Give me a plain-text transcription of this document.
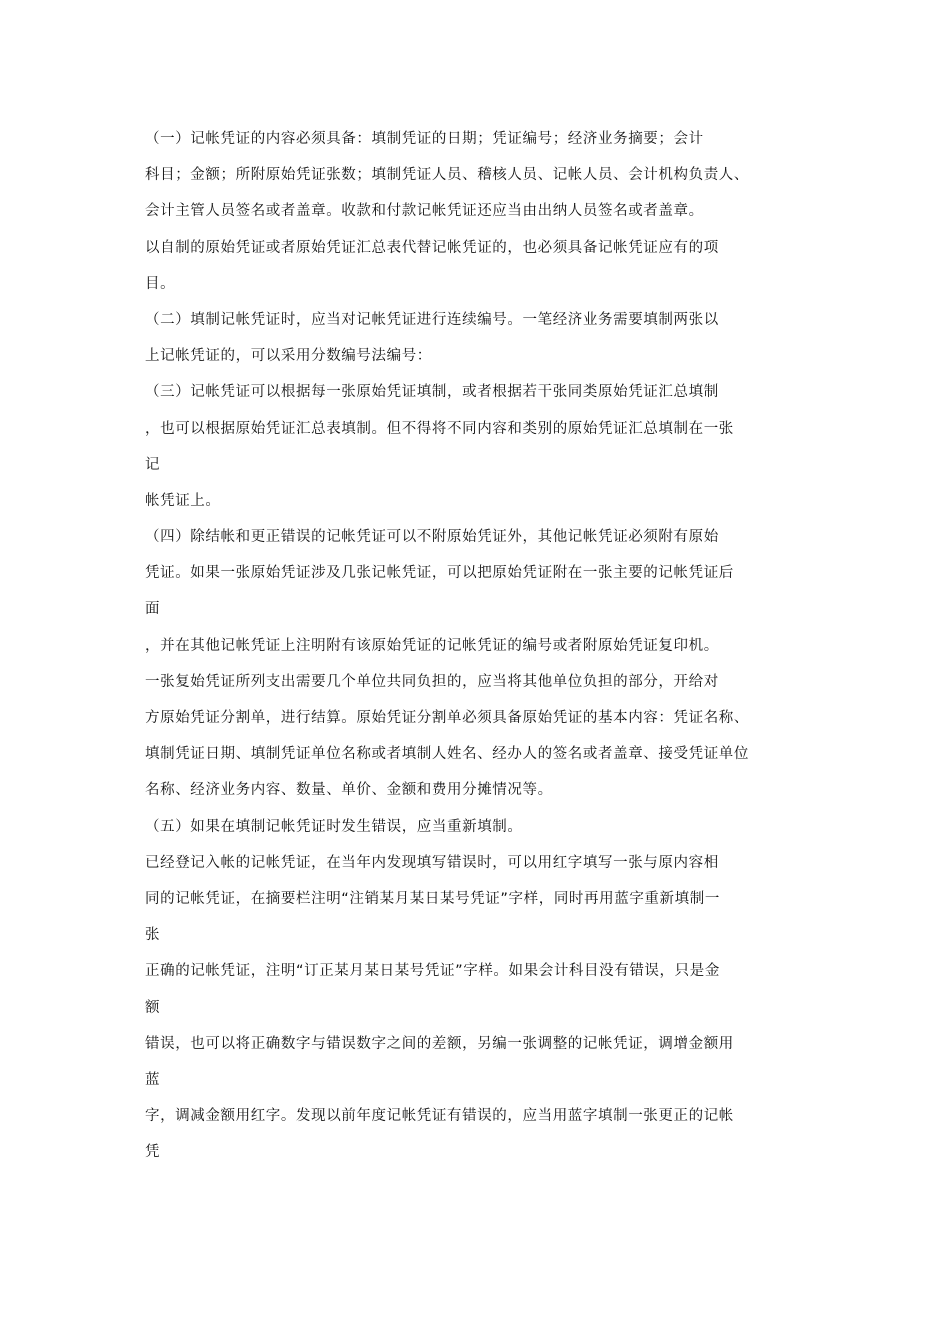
（一）记帐凭证的内容必须具备：填制凭证的日期；凭证编号；经济业务摘要；会计
科目；金额；所附原始凭证张数；填制凭证人员、稽核人员、记帐人员、会计机构负责人、
会计主管人员签名或者盖章。收款和付款记帐凭证还应当由出纳人员签名或者盖章。
以自制的原始凭证或者原始凭证汇总表代替记帐凭证的，也必须具备记帐凭证应有的项
目。
（二）填制记帐凭证时，应当对记帐凭证进行连续编号。一笔经济业务需要填制两张以
上记帐凭证的，可以采用分数编号法编号：
（三）记帐凭证可以根据每一张原始凭证填制，或者根据若干张同类原始凭证汇总填制
，也可以根据原始凭证汇总表填制。但不得将不同内容和类别的原始凭证汇总填制在一张
记
帐凭证上。
（四）除结帐和更正错误的记帐凭证可以不附原始凭证外，其他记帐凭证必须附有原始
凭证。如果一张原始凭证涉及几张记帐凭证，可以把原始凭证附在一张主要的记帐凭证后
面
，并在其他记帐凭证上注明附有该原始凭证的记帐凭证的编号或者附原始凭证复印机。
一张复始凭证所列支出需要几个单位共同负担的，应当将其他单位负担的部分，开给对
方原始凭证分割单，进行结算。原始凭证分割单必须具备原始凭证的基本内容：凭证名称、
填制凭证日期、填制凭证单位名称或者填制人姓名、经办人的签名或者盖章、接受凭证单位
名称、经济业务内容、数量、单价、金额和费用分摊情况等。
（五）如果在填制记帐凭证时发生错误，应当重新填制。
已经登记入帐的记帐凭证，在当年内发现填写错误时，可以用红字填写一张与原内容相
同的记帐凭证，在摘要栏注明“注销某月某日某号凭证”字样，同时再用蓝字重新填制一
张
正确的记帐凭证，注明“订正某月某日某号凭证”字样。如果会计科目没有错误，只是金
额
错误，也可以将正确数字与错误数字之间的差额，另编一张调整的记帐凭证，调增金额用
蓝
字，调减金额用红字。发现以前年度记帐凭证有错误的，应当用蓝字填制一张更正的记帐
凭
